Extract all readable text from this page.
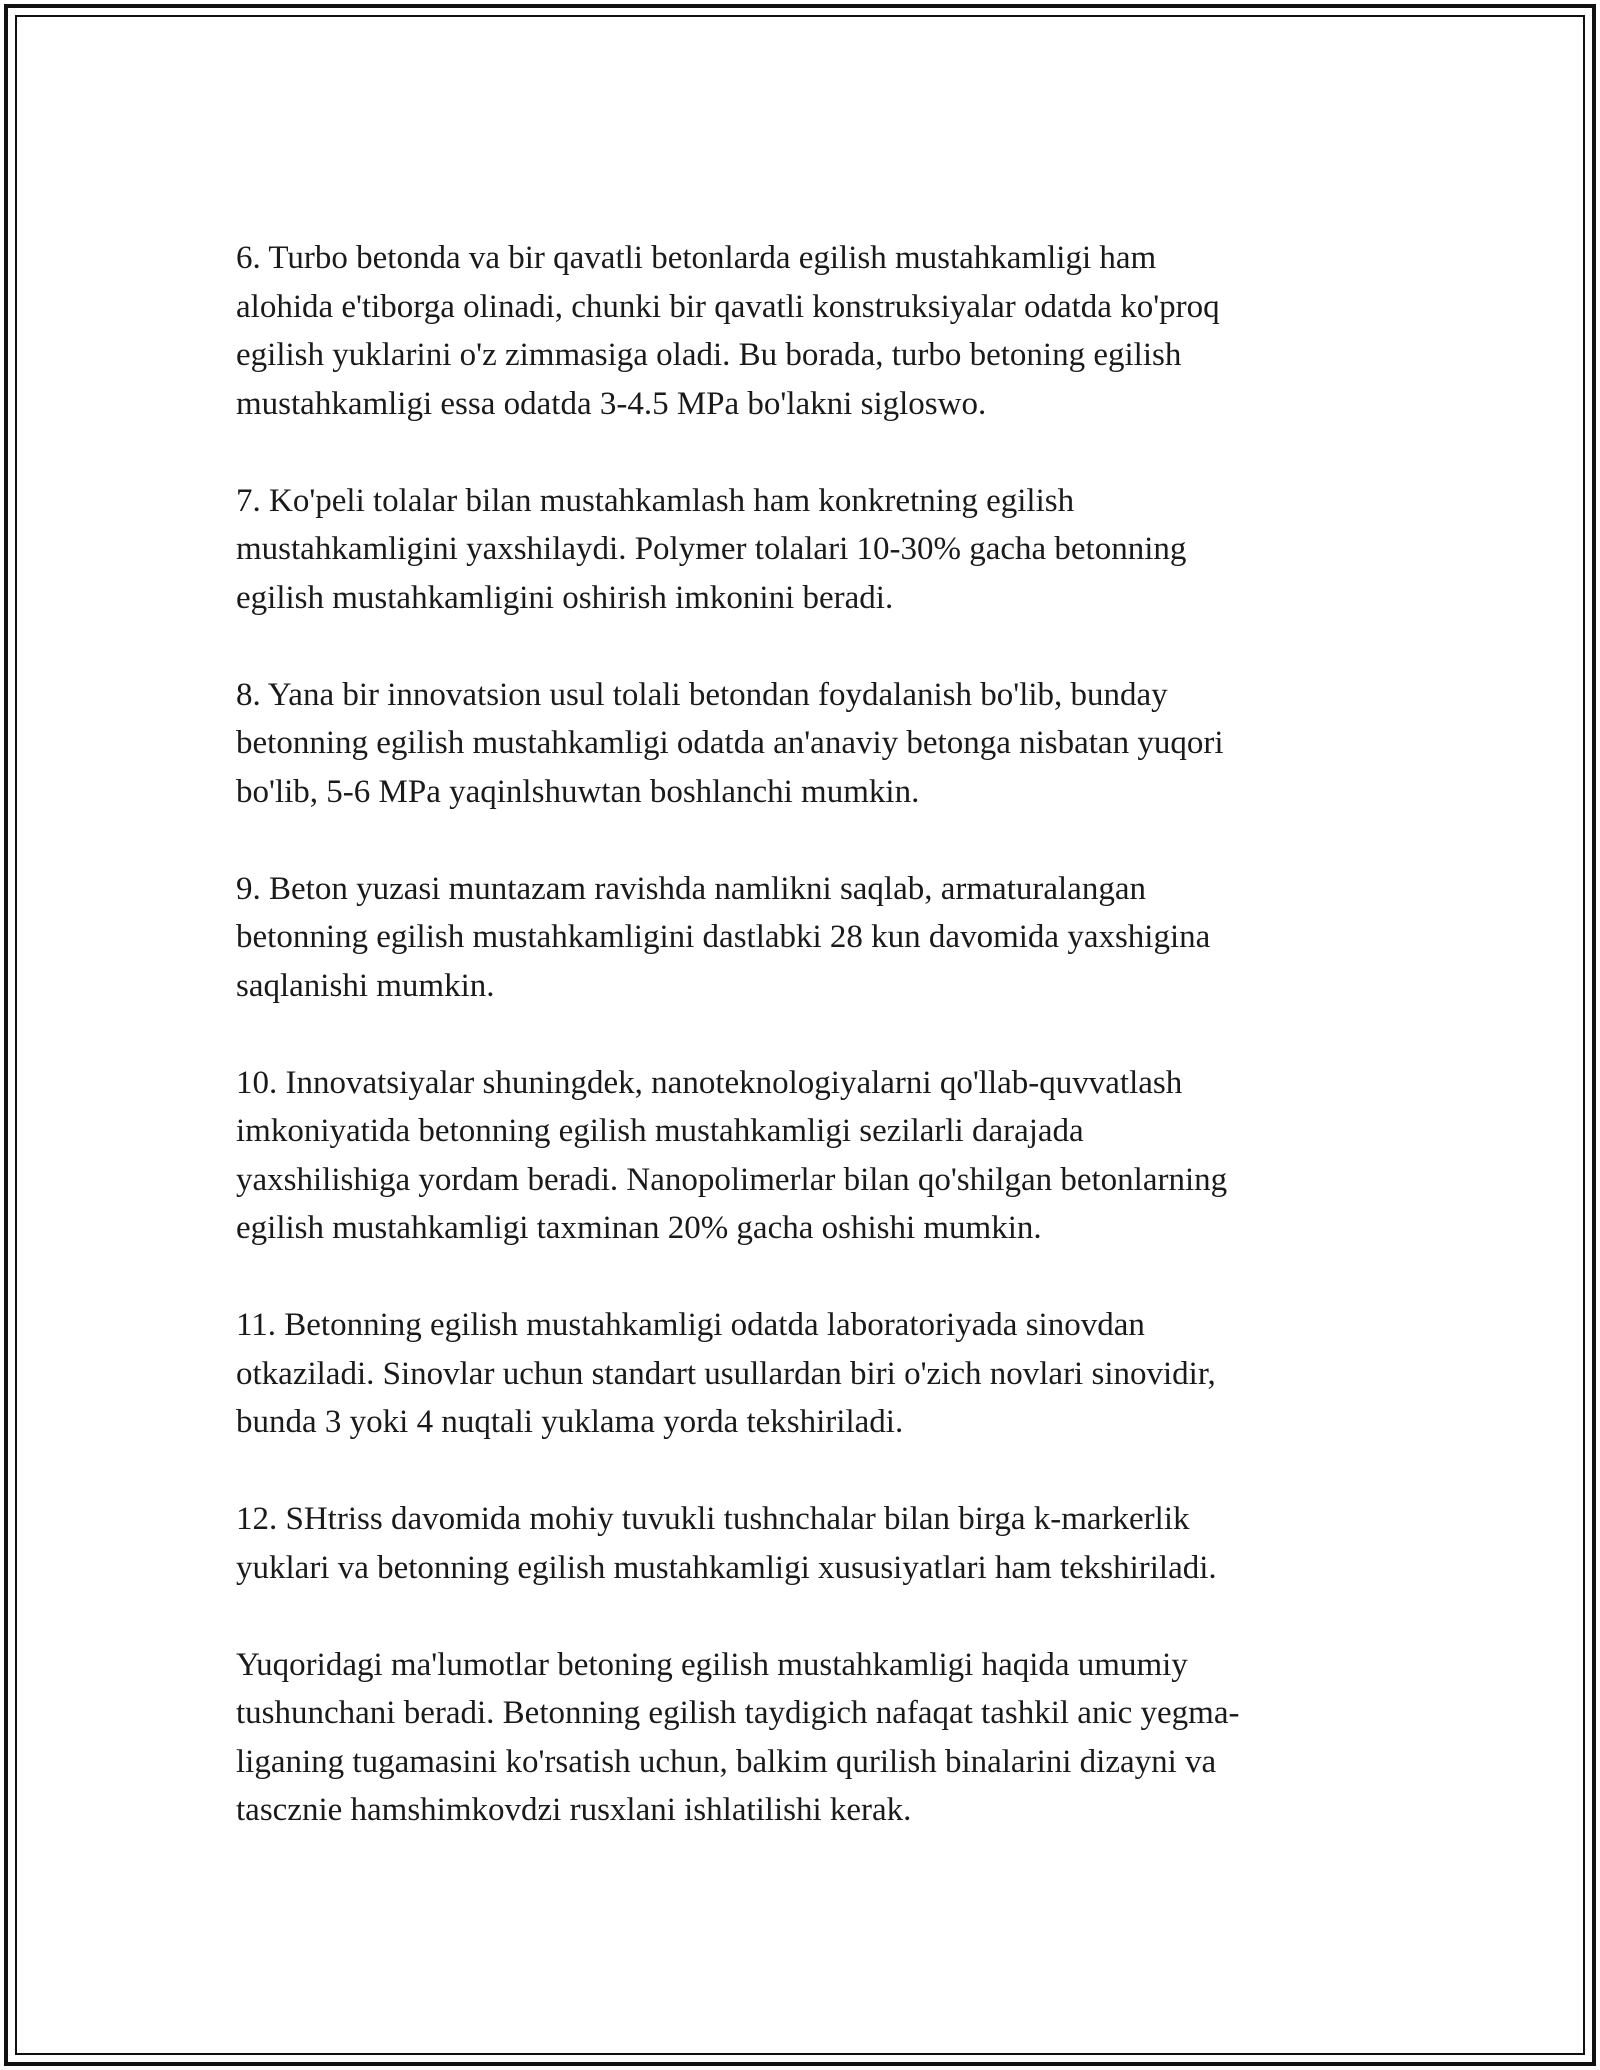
6. Turbo betonda va bir qavatli betonlarda egilish mustahkamligi ham
alohida e'tiborga olinadi, chunki bir qavatli konstruksiyalar odatda ko'proq
egilish yuklarini o'z zimmasiga oladi. Bu borada, turbo betoning egilish
mustahkamligi essa odatda 3-4.5 MPa bo'lakni sigloswo.

7. Ko'peli tolalar bilan mustahkamlash ham konkretning egilish
mustahkamligini yaxshilaydi. Polymer tolalari 10-30% gacha betonning
egilish mustahkamligini oshirish imkonini beradi.

8. Yana bir innovatsion usul tolali betondan foydalanish bo'lib, bunday
betonning egilish mustahkamligi odatda an'anaviy betonga nisbatan yuqori
bo'lib, 5-6 MPa yaqinlshuwtan boshlanchi mumkin.

9. Beton yuzasi muntazam ravishda namlikni saqlab, armaturalangan
betonning egilish mustahkamligini dastlabki 28 kun davomida yaxshigina
saqlanishi mumkin.

10. Innovatsiyalar shuningdek, nanoteknologiyalarni qo'llab-quvvatlash
imkoniyatida betonning egilish mustahkamligi sezilarli darajada
yaxshilishiga yordam beradi. Nanopolimerlar bilan qo'shilgan betonlarning
egilish mustahkamligi taxminan 20% gacha oshishi mumkin.

11. Betonning egilish mustahkamligi odatda laboratoriyada sinovdan
otkaziladi. Sinovlar uchun standart usullardan biri o'zich novlari sinovidir,
bunda 3 yoki 4 nuqtali yuklama yorda tekshiriladi.

12. SHtriss davomida mohiy tuvukli tushnchalar bilan birga k-markerlik
yuklari va betonning egilish mustahkamligi xususiyatlari ham tekshiriladi.

Yuqoridagi ma'lumotlar betoning egilish mustahkamligi haqida umumiy
tushunchani beradi. Betonning egilish taydigich nafaqat tashkil anic yegma-
liganing tugamasini ko'rsatish uchun, balkim qurilish binalarini dizayni va
tascznie hamshimkovdzi rusxlani ishlatilishi kerak.
